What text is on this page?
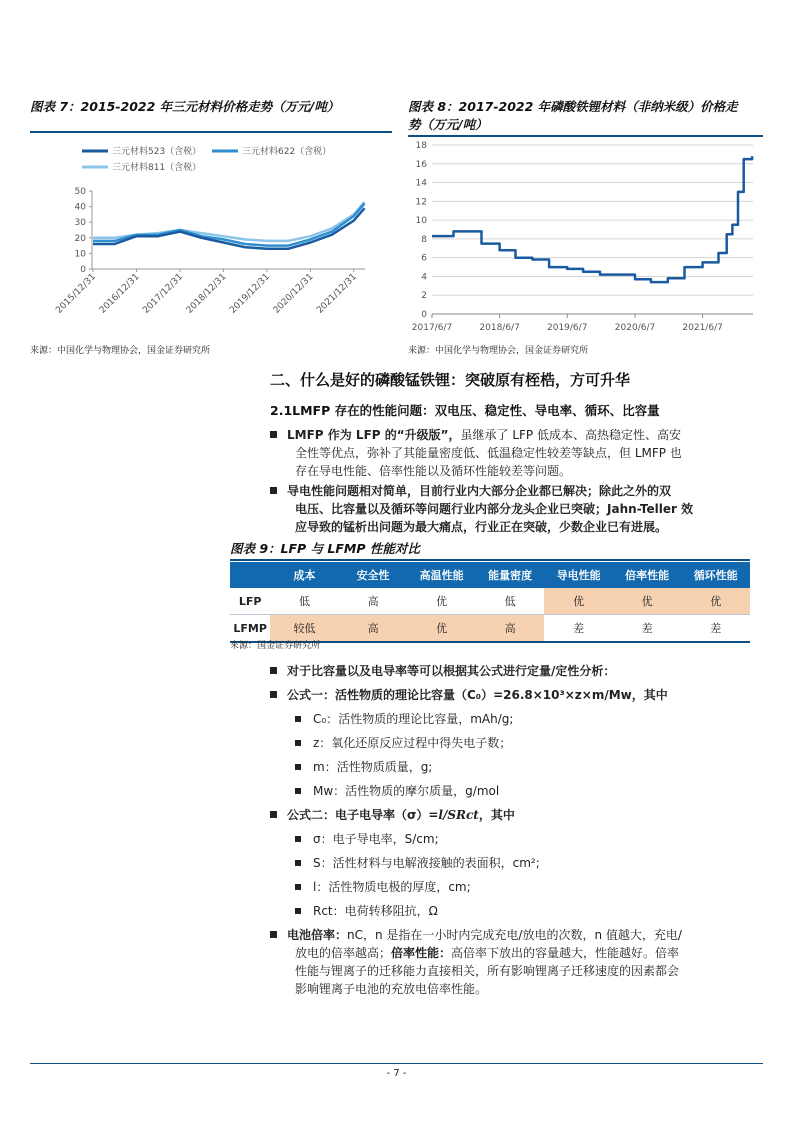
图表 7：2015-2022 年三元材料价格走势（万元/吨）
0
10
20
30
40
50
2015/12/31 2016/12/31 2017/12/31 2018/12/31 2019/12/31 2020/12/31 2021/12/31
三元材料523（含税）	三元材料622（含税）
三元材料811（含税）
来源：中国化学与物理协会，国金证券研究所
图表 8：2017-2022 年磷酸铁锂材料（非纳米级）价格走
势（万元/吨）
0
2
4
6
8
10
12
14
16
18
2017/6/7	2018/6/7	2019/6/7	2020/6/7	2021/6/7
来源：中国化学与物理协会，国金证券研究所
二、什么是好的磷酸锰铁锂：突破原有桎梏，方可升华
2.1LMFP 存在的性能问题：双电压、稳定性、导电率、循环、比容量
LMFP 作为 LFP 的“升级版”，虽继承了 LFP 低成本、高热稳定性、高安
全性等优点，弥补了其能量密度低、低温稳定性较差等缺点，但 LMFP 也
存在导电性能、倍率性能以及循环性能较差等问题。
导电性能问题相对简单，目前行业内大部分企业都已解决；除此之外的双
电压、比容量以及循环等问题行业内部分龙头企业已突破；Jahn-Teller 效
应导致的锰析出问题为最大痛点，行业正在突破，少数企业已有进展。
图表 9：LFP 与 LFMP 性能对比
	成本	安全性	高温性能	能量密度	导电性能	倍率性能	循环性能
LFP	低	高	优	低	优	优	优
LFMP	较低	高	优	高	差	差	差
来源：国金证券研究所
对于比容量以及电导率等可以根据其公式进行定量/定性分析：
公式一：活性物质的理论比容量（C₀）=26.8×10³×z×m/Mw，其中
C₀：活性物质的理论比容量，mAh/g;
z：氧化还原反应过程中得失电子数；
m：活性物质质量，g;
Mw：活性物质的摩尔质量，g/mol
公式二：电子电导率（σ）=l/SRct，其中
σ：电子导电率，S/cm;
S：活性材料与电解液接触的表面积，cm²;
l：活性物质电极的厚度，cm;
Rct：电荷转移阻抗，Ω
电池倍率：nC，n 是指在一小时内完成充电/放电的次数，n 值越大，充电/
放电的倍率越高；倍率性能：高倍率下放出的容量越大，性能越好。倍率
性能与锂离子的迁移能力直接相关，所有影响锂离子迁移速度的因素都会
影响锂离子电池的充放电倍率性能。
- 7 -
